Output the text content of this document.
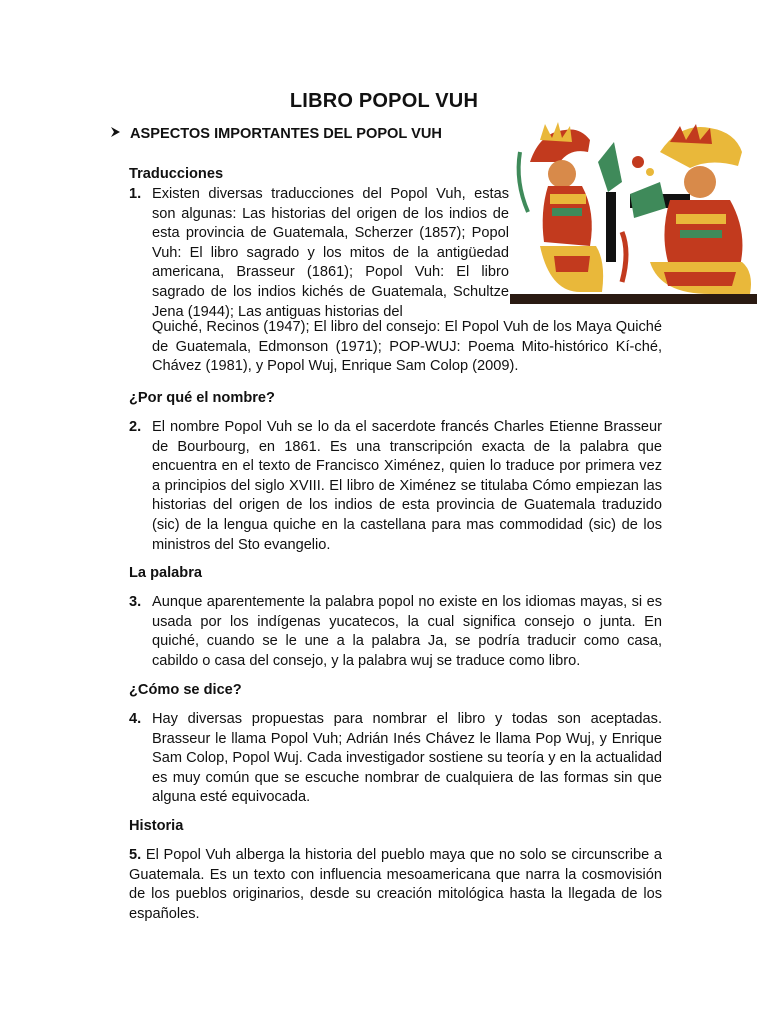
LIBRO POPOL VUH
ASPECTOS IMPORTANTES DEL POPOL VUH
Traducciones
1. Existen diversas traducciones del Popol Vuh, estas son algunas: Las historias del origen de los indios de esta provincia de Guatemala, Scherzer (1857); Popol Vuh: El libro sagrado y los mitos de la antigüedad americana, Brasseur (1861); Popol Vuh: El libro sagrado de los indios kichés de Guatemala, Schultze Jena (1944); Las antiguas historias del
Quiché, Recinos (1947); El libro del consejo: El Popol Vuh de los Maya Quiché de Guatemala, Edmonson (1971); POP-WUJ: Poema Mito-histórico Kí-ché, Chávez (1981), y Popol Wuj, Enrique Sam Colop (2009).
¿Por qué el nombre?
2. El nombre Popol Vuh se lo da el sacerdote francés Charles Etienne Brasseur de Bourbourg, en 1861. Es una transcripción exacta de la palabra que encuentra en el texto de Francisco Ximénez, quien lo traduce por primera vez a principios del siglo XVIII. El libro de Ximénez se titulaba Cómo empiezan las historias del origen de los indios de esta provincia de Guatemala traduzido (sic) de la lengua quiche en la castellana para mas commodidad (sic) de los ministros del Sto evangelio.
La palabra
3. Aunque aparentemente la palabra popol no existe en los idiomas mayas, si es usada por los indígenas yucatecos, la cual significa consejo o junta. En quiché, cuando se le une a la palabra Ja, se podría traducir como casa, cabildo o casa del consejo, y la palabra wuj se traduce como libro.
¿Cómo se dice?
4. Hay diversas propuestas para nombrar el libro y todas son aceptadas. Brasseur le llama Popol Vuh; Adrián Inés Chávez le llama Pop Wuj, y Enrique Sam Colop, Popol Wuj. Cada investigador sostiene su teoría y en la actualidad es muy común que se escuche nombrar de cualquiera de las formas sin que alguna esté equivocada.
Historia
5. El Popol Vuh alberga la historia del pueblo maya que no solo se circunscribe a Guatemala. Es un texto con influencia mesoamericana que narra la cosmovisión de los pueblos originarios, desde su creación mitológica hasta la llegada de los españoles.
